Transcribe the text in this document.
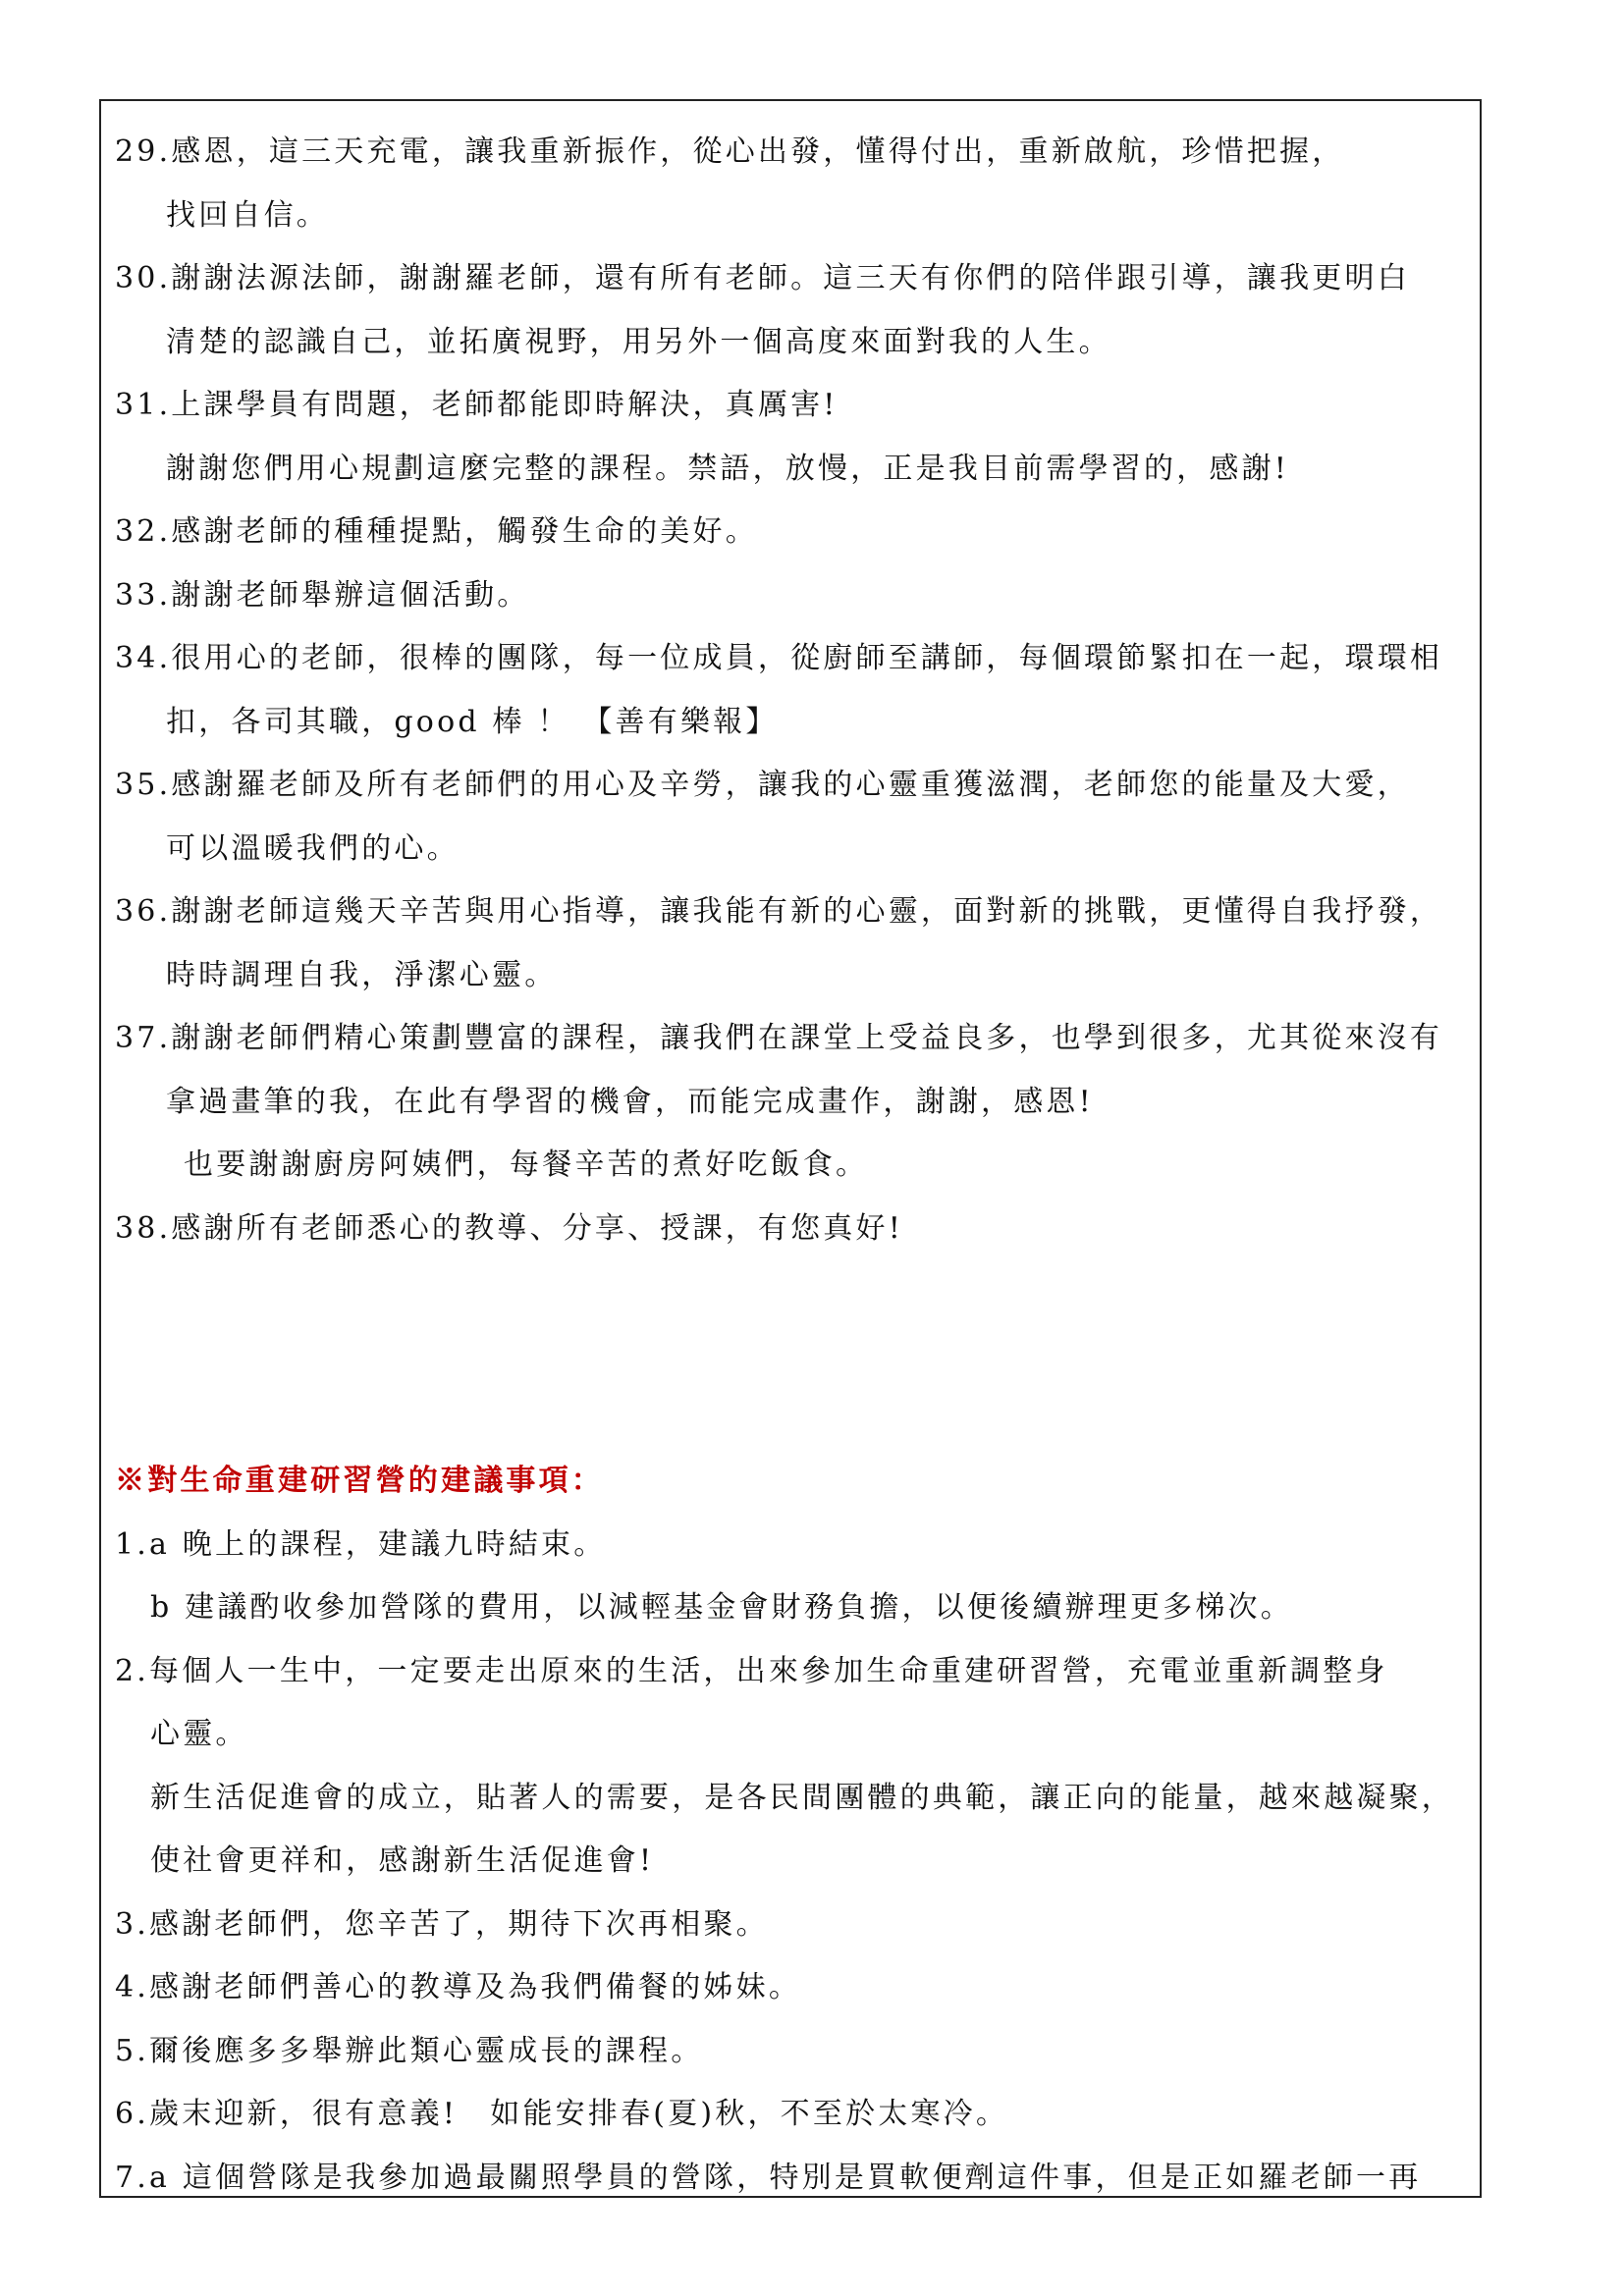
29.感恩，這三天充電，讓我重新振作，從心出發，懂得付出，重新啟航，珍惜把握，
找回自信。
30.謝謝法源法師，謝謝羅老師，還有所有老師。這三天有你們的陪伴跟引導，讓我更明白
清楚的認識自己，並拓廣視野，用另外一個高度來面對我的人生。
31.上課學員有問題，老師都能即時解決，真厲害!
謝謝您們用心規劃這麼完整的課程。禁語，放慢，正是我目前需學習的，感謝!
32.感謝老師的種種提點，觸發生命的美好。
33.謝謝老師舉辦這個活動。
34.很用心的老師，很棒的團隊，每一位成員，從廚師至講師，每個環節緊扣在一起，環環相
扣，各司其職，good 棒 ！ 【善有樂報】
35.感謝羅老師及所有老師們的用心及辛勞，讓我的心靈重獲滋潤，老師您的能量及大愛，
可以溫暖我們的心。
36.謝謝老師這幾天辛苦與用心指導，讓我能有新的心靈，面對新的挑戰，更懂得自我抒發，
時時調理自我，淨潔心靈。
37.謝謝老師們精心策劃豐富的課程，讓我們在課堂上受益良多，也學到很多，尤其從來沒有
拿過畫筆的我，在此有學習的機會，而能完成畫作，謝謝，感恩!
也要謝謝廚房阿姨們，每餐辛苦的煮好吃飯食。
38.感謝所有老師悉心的教導、分享、授課，有您真好!
※對生命重建研習營的建議事項：
1.a 晚上的課程，建議九時結束。
b 建議酌收參加營隊的費用，以減輕基金會財務負擔，以便後續辦理更多梯次。
2.每個人一生中，一定要走出原來的生活，出來參加生命重建研習營，充電並重新調整身
心靈。
新生活促進會的成立，貼著人的需要，是各民間團體的典範，讓正向的能量，越來越凝聚，
使社會更祥和，感謝新生活促進會!
3.感謝老師們，您辛苦了，期待下次再相聚。
4.感謝老師們善心的教導及為我們備餐的姊妹。
5.爾後應多多舉辦此類心靈成長的課程。
6.歲末迎新，很有意義!　如能安排春(夏)秋，不至於太寒冷。
7.a 這個營隊是我參加過最關照學員的營隊，特別是買軟便劑這件事，但是正如羅老師一再
